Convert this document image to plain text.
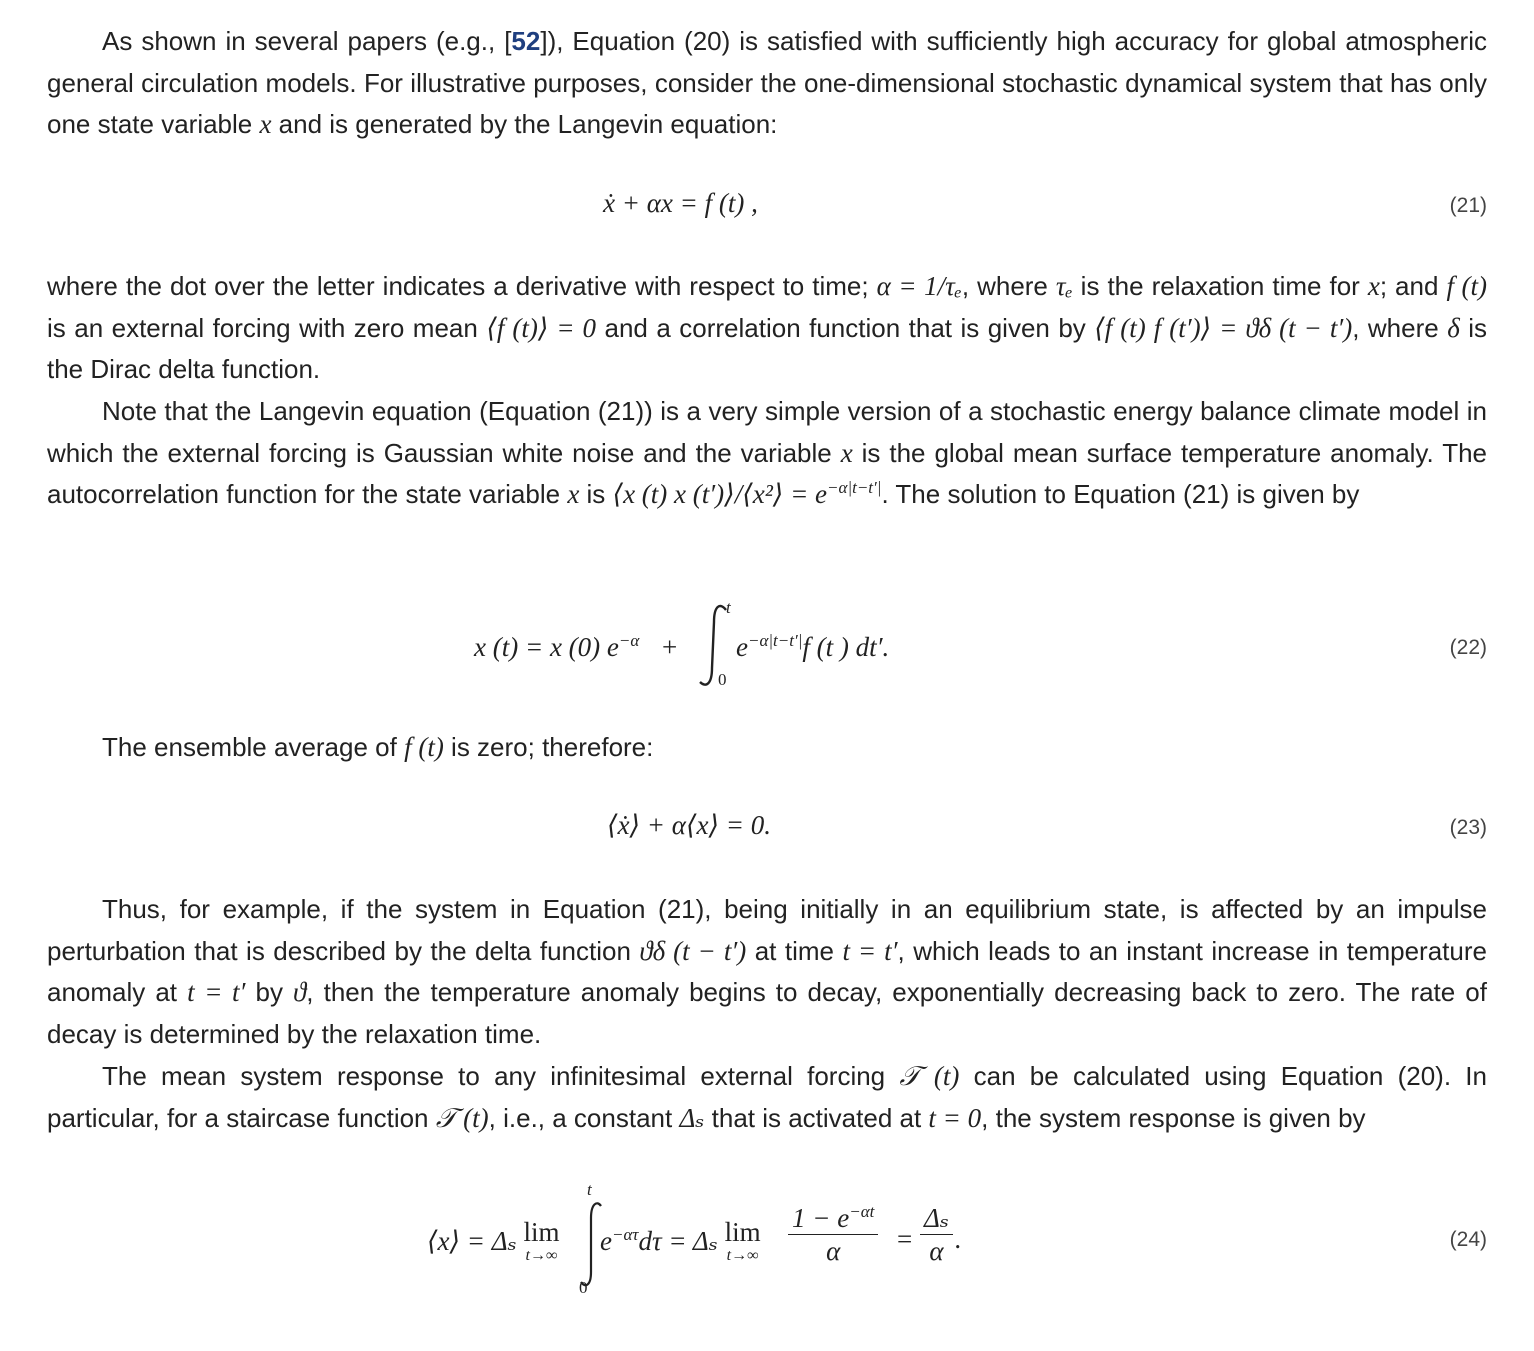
As shown in several papers (e.g., [52]), Equation (20) is satisfied with sufficiently high accuracy for global atmospheric general circulation models. For illustrative purposes, consider the one-dimensional stochastic dynamical system that has only one state variable x and is generated by the Langevin equation:

ẋ + αx = f (t) ,	(21)

where the dot over the letter indicates a derivative with respect to time; α = 1/τₑ, where τₑ is the relaxation time for x; and f (t) is an external forcing with zero mean ⟨f (t)⟩ = 0 and a correlation function that is given by ⟨f (t) f (t′)⟩ = ϑδ (t − t′), where δ is the Dirac delta function.

Note that the Langevin equation (Equation (21)) is a very simple version of a stochastic energy balance climate model in which the external forcing is Gaussian white noise and the variable x is the global mean surface temperature anomaly. The autocorrelation function for the state variable x is ⟨x (t) x (t′)⟩/⟨x²⟩ = $e^{-\alpha|t-t'|}$. The solution to Equation (21) is given by

x (t) = x (0) $e^{-\alpha}$ +
t
0
$e^{-\alpha|t-t'|}f$ (t ) dt′.	(22)

The ensemble average of f (t) is zero; therefore:

⟨ẋ⟩ + α⟨x⟩ = 0.	(23)

Thus, for example, if the system in Equation (21), being initially in an equilibrium state, is affected by an impulse perturbation that is described by the delta function ϑδ (t − t′) at time t = t′, which leads to an instant increase in temperature anomaly at t = t′ by ϑ, then the temperature anomaly begins to decay, exponentially decreasing back to zero. The rate of decay is determined by the relaxation time.

The mean system response to any infinitesimal external forcing 𝒯 (t) can be calculated using Equation (20). In particular, for a staircase function 𝒯 (t), i.e., a constant Δₛ that is activated at t = 0, the system response is given by

⟨x⟩ = Δₛ lim
t→∞
t
0
$e^{-\alpha\tau}d\tau = \Delta_s$ lim
$t\to\infty \frac{1 - e^{-\alpha t}}{\alpha} = \frac{\text{Δₛ}}{\alpha}$ .	(24)
